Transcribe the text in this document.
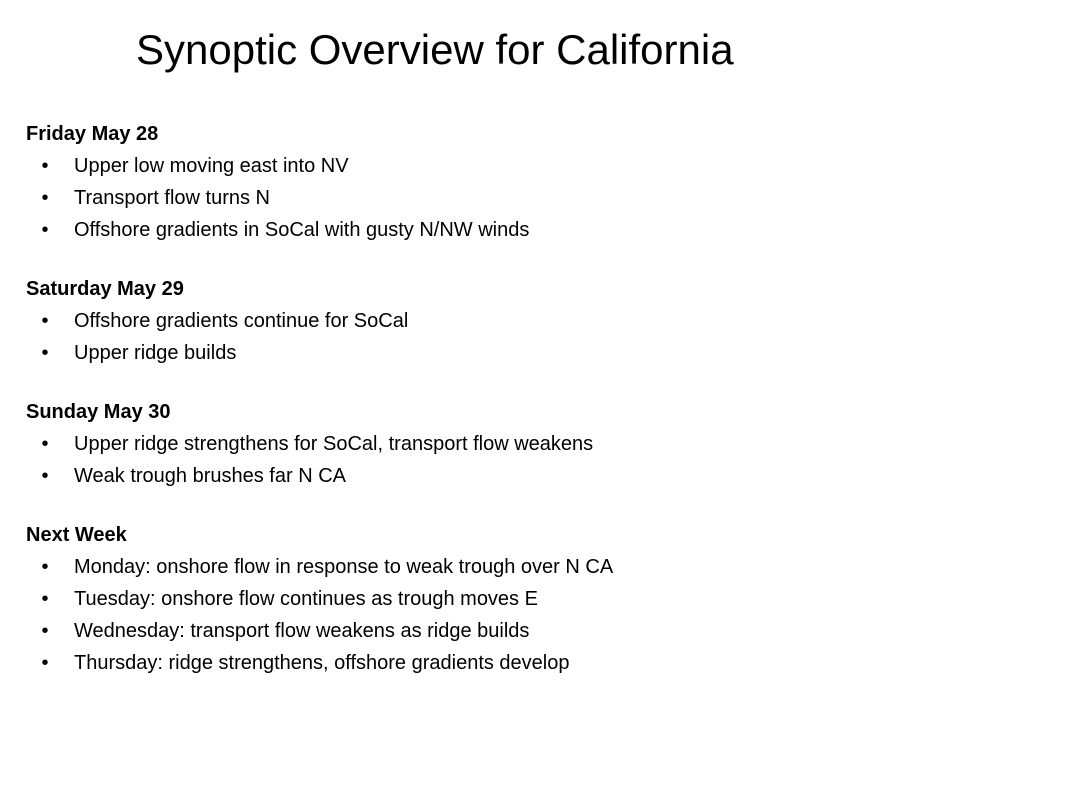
Synoptic Overview for California
Friday May 28
• Upper low moving east into NV
• Transport flow turns N
• Offshore gradients in SoCal with gusty N/NW winds
Saturday May 29
• Offshore gradients continue for SoCal
• Upper ridge builds
Sunday May 30
• Upper ridge strengthens for SoCal, transport flow weakens
• Weak trough brushes far N CA
Next Week
• Monday: onshore flow in response to weak trough over N CA
• Tuesday: onshore flow continues as trough moves E
• Wednesday: transport flow weakens as ridge builds
• Thursday: ridge strengthens, offshore gradients develop
